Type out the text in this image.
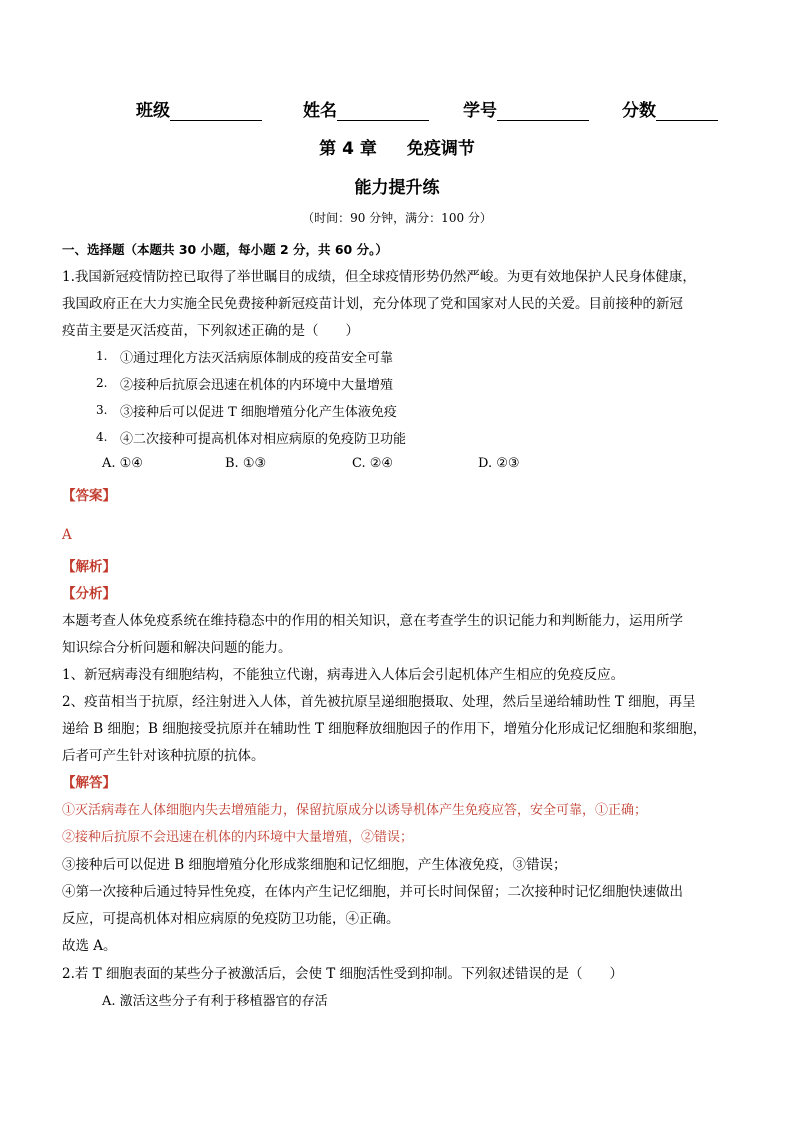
班级	姓名	学号	分数
第 4 章 免疫调节
能力提升练
（时间：90 分钟，满分：100 分）
一、选择题（本题共 30 小题，每小题 2 分，共 60 分。）
1.我国新冠疫情防控已取得了举世瞩目的成绩，但全球疫情形势仍然严峻。为更有效地保护人民身体健康，
我国政府正在大力实施全民免费接种新冠疫苗计划，充分体现了党和国家对人民的关爱。目前接种的新冠
疫苗主要是灭活疫苗，下列叙述正确的是（　　）
1. ①通过理化方法灭活病原体制成的疫苗安全可靠
2. ②接种后抗原会迅速在机体的内环境中大量增殖
3. ③接种后可以促进 T 细胞增殖分化产生体液免疫
4. ④二次接种可提高机体对相应病原的免疫防卫功能
A. ①④	B. ①③	C. ②④	D. ②③
【答案】
A
【解析】
【分析】
本题考查人体免疫系统在维持稳态中的作用的相关知识，意在考查学生的识记能力和判断能力，运用所学
知识综合分析问题和解决问题的能力。
1、新冠病毒没有细胞结构，不能独立代谢，病毒进入人体后会引起机体产生相应的免疫反应。
2、疫苗相当于抗原，经注射进入人体，首先被抗原呈递细胞摄取、处理，然后呈递给辅助性 T 细胞，再呈
递给 B 细胞；B 细胞接受抗原并在辅助性 T 细胞释放细胞因子的作用下，增殖分化形成记忆细胞和浆细胞，
后者可产生针对该种抗原的抗体。
【解答】
①灭活病毒在人体细胞内失去增殖能力，保留抗原成分以诱导机体产生免疫应答，安全可靠，①正确；
②接种后抗原不会迅速在机体的内环境中大量增殖，②错误；
③接种后可以促进 B 细胞增殖分化形成浆细胞和记忆细胞，产生体液免疫，③错误；
④第一次接种后通过特异性免疫，在体内产生记忆细胞，并可长时间保留；二次接种时记忆细胞快速做出
反应，可提高机体对相应病原的免疫防卫功能，④正确。
故选 A。
2.若 T 细胞表面的某些分子被激活后，会使 T 细胞活性受到抑制。下列叙述错误的是（　　）
A. 激活这些分子有利于移植器官的存活
